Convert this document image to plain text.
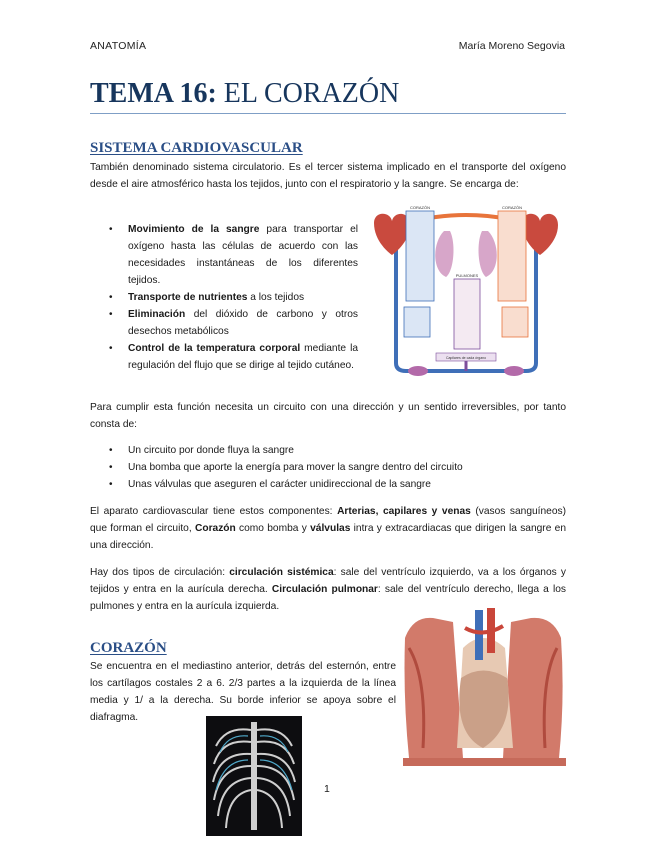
ANATOMÍA	María Moreno Segovia
TEMA 16: EL CORAZÓN
SISTEMA CARDIOVASCULAR
También denominado sistema circulatorio. Es el tercer sistema implicado en el transporte del oxígeno desde el aire atmosférico hasta los tejidos, junto con el respiratorio y la sangre. Se encarga de:
• Movimiento de la sangre para transportar el oxígeno hasta las células de acuerdo con las necesidades instantáneas de los diferentes tejidos.
• Transporte de nutrientes a los tejidos
• Eliminación del dióxido de carbono y otros desechos metabólicos
• Control de la temperatura corporal mediante la regulación del flujo que se dirige al tejido cutáneo.
CORAZÓN	CORAZÓN
PULMONES
Capilares de cada órgano
Para cumplir esta función necesita un circuito con una dirección y un sentido irreversibles, por tanto consta de:
• Un circuito por donde fluya la sangre
• Una bomba que aporte la energía para mover la sangre dentro del circuito
• Unas válvulas que aseguren el carácter unidireccional de la sangre
El aparato cardiovascular tiene estos componentes: Arterias, capilares y venas (vasos sanguíneos) que forman el circuito, Corazón como bomba y válvulas intra y extracardiacas que dirigen la sangre en una dirección.
Hay dos tipos de circulación: circulación sistémica: sale del ventrículo izquierdo, va a los órganos y tejidos y entra en la aurícula derecha. Circulación pulmonar: sale del ventrículo derecho, llega a los pulmones y entra en la aurícula izquierda.
CORAZÓN
Se encuentra en el mediastino anterior, detrás del esternón, entre los cartílagos costales 2 a 6. 2/3 partes a la izquierda de la línea media y 1/ a la derecha. Su borde inferior se apoya sobre el diafragma.
1
